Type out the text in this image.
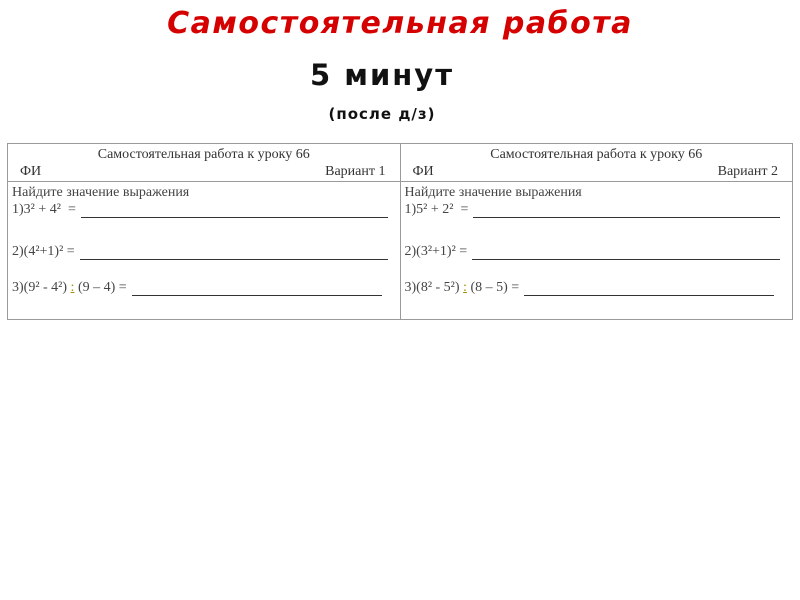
Самостоятельная работа
5 минут
(после д/з)
Самостоятельная работа к уроку 66
ФИ	Вариант 1
Найдите значение выражения
1)3² + 4²  =
2)(4²+1)² =
3)(9² - 4²) : (9 – 4) =
Самостоятельная работа к уроку 66
ФИ	Вариант 2
Найдите значение выражения
1)5² + 2²  =
2)(3²+1)² =
3)(8² - 5²) : (8 – 5) =
